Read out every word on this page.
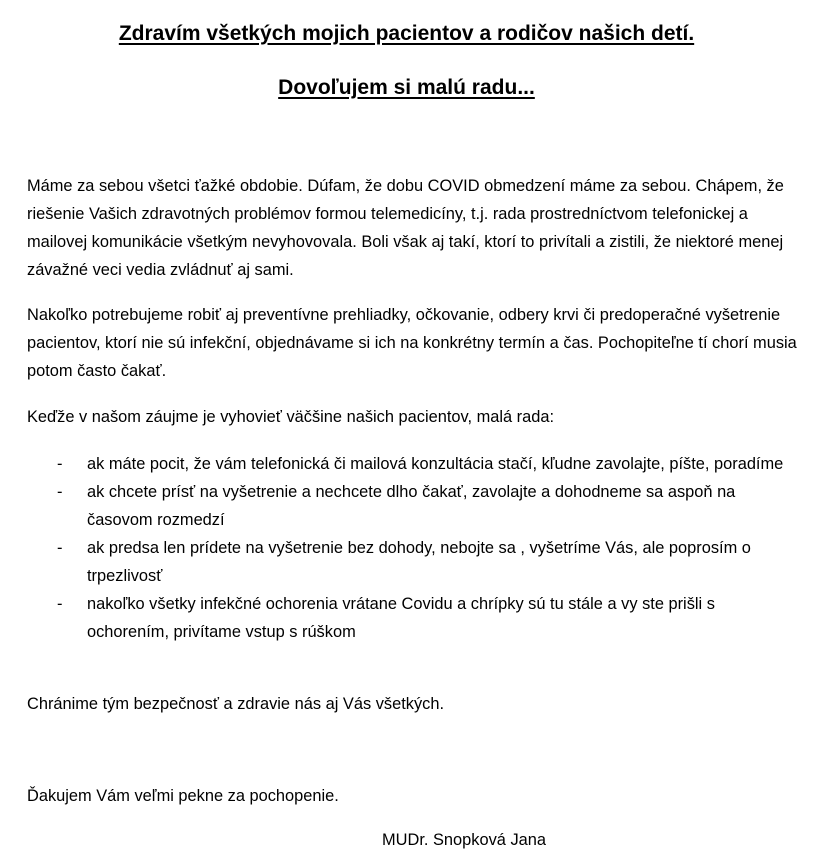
Zdravím všetkých mojich pacientov a rodičov našich detí.
Dovoľujem si malú radu...
Máme za sebou všetci ťažké obdobie. Dúfam, že dobu COVID obmedzení máme za sebou. Chápem, že riešenie Vašich zdravotných problémov formou telemedicíny, t.j. rada prostredníctvom telefonickej a mailovej komunikácie všetkým nevyhovovala. Boli však aj takí, ktorí to privítali a zistili, že niektoré menej závažné veci vedia zvládnuť aj sami.
Nakoľko potrebujeme robiť aj preventívne prehliadky, očkovanie, odbery krvi či predoperačné vyšetrenie pacientov, ktorí nie sú infekční, objednávame si ich na konkrétny termín a čas. Pochopiteľne tí chorí musia potom často čakať.
Keďže v našom záujme je vyhovieť väčšine našich pacientov, malá rada:
- ak máte pocit, že vám telefonická či mailová konzultácia stačí, kľudne zavolajte, píšte, poradíme
- ak chcete prísť na vyšetrenie a nechcete dlho čakať, zavolajte a dohodneme sa aspoň na časovom rozmedzí
- ak predsa len prídete na vyšetrenie bez dohody, nebojte sa , vyšetríme Vás, ale poprosím o trpezlivosť
- nakoľko všetky infekčné ochorenia vrátane Covidu a chrípky sú tu stále a vy ste prišli s ochorením, privítame vstup s rúškom
Chránime tým bezpečnosť a zdravie nás aj Vás všetkých.
Ďakujem Vám veľmi pekne za pochopenie.
MUDr. Snopková Jana
